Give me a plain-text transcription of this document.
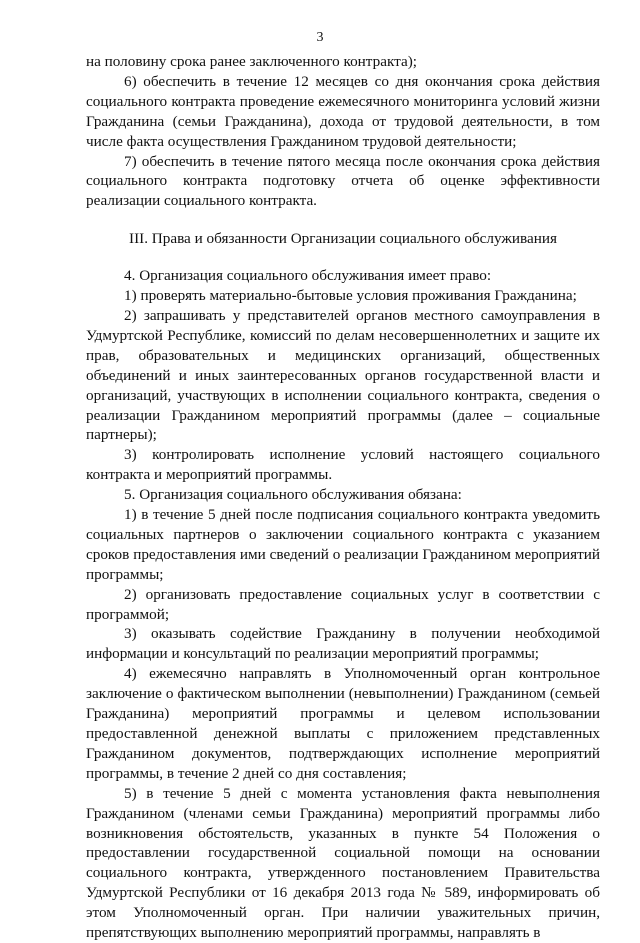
3

на половину срока ранее заключенного контракта);

6) обеспечить в течение 12 месяцев со дня окончания срока действия социального контракта проведение ежемесячного мониторинга условий жизни Гражданина (семьи Гражданина), дохода от трудовой деятельности, в том числе факта осуществления Гражданином трудовой деятельности;

7) обеспечить в течение пятого месяца после окончания срока действия социального контракта подготовку отчета об оценке эффективности реализации социального контракта.

III. Права и обязанности Организации социального обслуживания

4. Организация социального обслуживания имеет право:

1) проверять материально-бытовые условия проживания Гражданина;

2) запрашивать у представителей органов местного самоуправления в Удмуртской Республике, комиссий по делам несовершеннолетних и защите их прав, образовательных и медицинских организаций, общественных объединений и иных заинтересованных органов государственной власти и организаций, участвующих в исполнении социального контракта, сведения о реализации Гражданином мероприятий программы (далее – социальные партнеры);

3) контролировать исполнение условий настоящего социального контракта и мероприятий программы.

5. Организация социального обслуживания обязана:

1) в течение 5 дней после подписания социального контракта уведомить социальных партнеров о заключении социального контракта с указанием сроков предоставления ими сведений о реализации Гражданином мероприятий программы;

2) организовать предоставление социальных услуг в соответствии с программой;

3) оказывать содействие Гражданину в получении необходимой информации и консультаций по реализации мероприятий программы;

4) ежемесячно направлять в Уполномоченный орган контрольное заключение о фактическом выполнении (невыполнении) Гражданином (семьей Гражданина) мероприятий программы и целевом использовании предоставленной денежной выплаты с приложением представленных Гражданином документов, подтверждающих исполнение мероприятий программы, в течение 2 дней со дня составления;

5) в течение 5 дней с момента установления факта невыполнения Гражданином (членами семьи Гражданина) мероприятий программы либо возникновения обстоятельств, указанных в пункте 54 Положения о предоставлении государственной социальной помощи на основании социального контракта, утвержденного постановлением Правительства Удмуртской Республики от 16 декабря 2013 года № 589, информировать об этом Уполномоченный орган. При наличии уважительных причин, препятствующих выполнению мероприятий программы, направлять в
